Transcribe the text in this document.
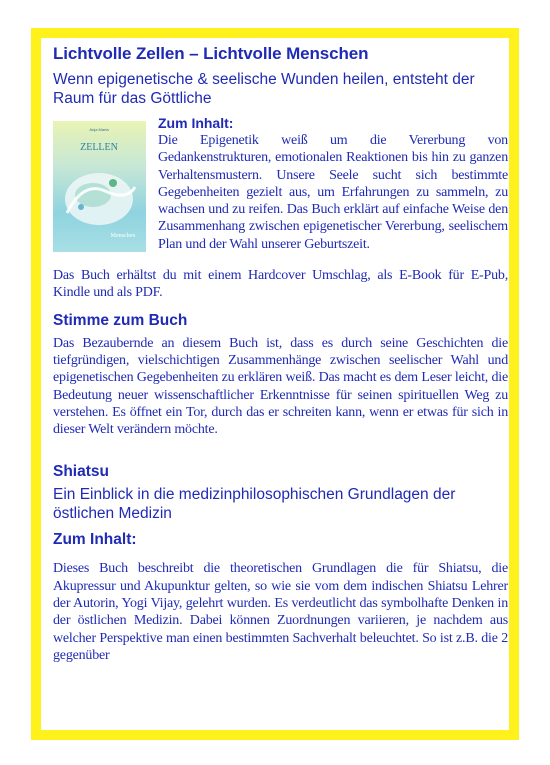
Lichtvolle Zellen – Lichtvolle Menschen

Wenn epigenetische & seelische Wunden heilen, entsteht der Raum für das Göttliche

Anja Maria
ZELLEN
Menschen

Zum Inhalt:

Die Epigenetik weiß um die Vererbung von Gedankenstrukturen, emotionalen Reaktionen bis hin zu ganzen Verhaltensmustern. Unsere Seele sucht sich bestimmte Gegebenheiten gezielt aus, um Erfahrungen zu sammeln, zu wachsen und zu reifen. Das Buch erklärt auf einfache Weise den Zusammenhang zwischen epigenetischer Vererbung, seelischem Plan und der Wahl unserer Geburtszeit.

Das Buch erhältst du mit einem Hardcover Umschlag, als E-Book für E-Pub, Kindle und als PDF.

Stimme zum Buch

Das Bezaubernde an diesem Buch ist, dass es durch seine Geschichten die tiefgründigen, vielschichtigen Zusammenhänge zwischen seelischer Wahl und epigenetischen Gegebenheiten zu erklären weiß. Das macht es dem Leser leicht, die Bedeutung neuer wissenschaftlicher Erkenntnisse für seinen spirituellen Weg zu verstehen. Es öffnet ein Tor, durch das er schreiten kann, wenn er etwas für sich in dieser Welt verändern möchte.

Shiatsu

Ein Einblick in die medizinphilosophischen Grundlagen der östlichen Medizin

Zum Inhalt:

Dieses Buch beschreibt die theoretischen Grundlagen die für Shiatsu, die Akupressur und Akupunktur gelten, so wie sie vom dem indischen Shiatsu Lehrer der Autorin, Yogi Vijay, gelehrt wurden. Es verdeutlicht das symbolhafte Denken in der östlichen Medizin. Dabei können Zuordnungen variieren, je nachdem aus welcher Perspektive man einen bestimmten Sachverhalt beleuchtet. So ist z.B. die 2 gegenüber
